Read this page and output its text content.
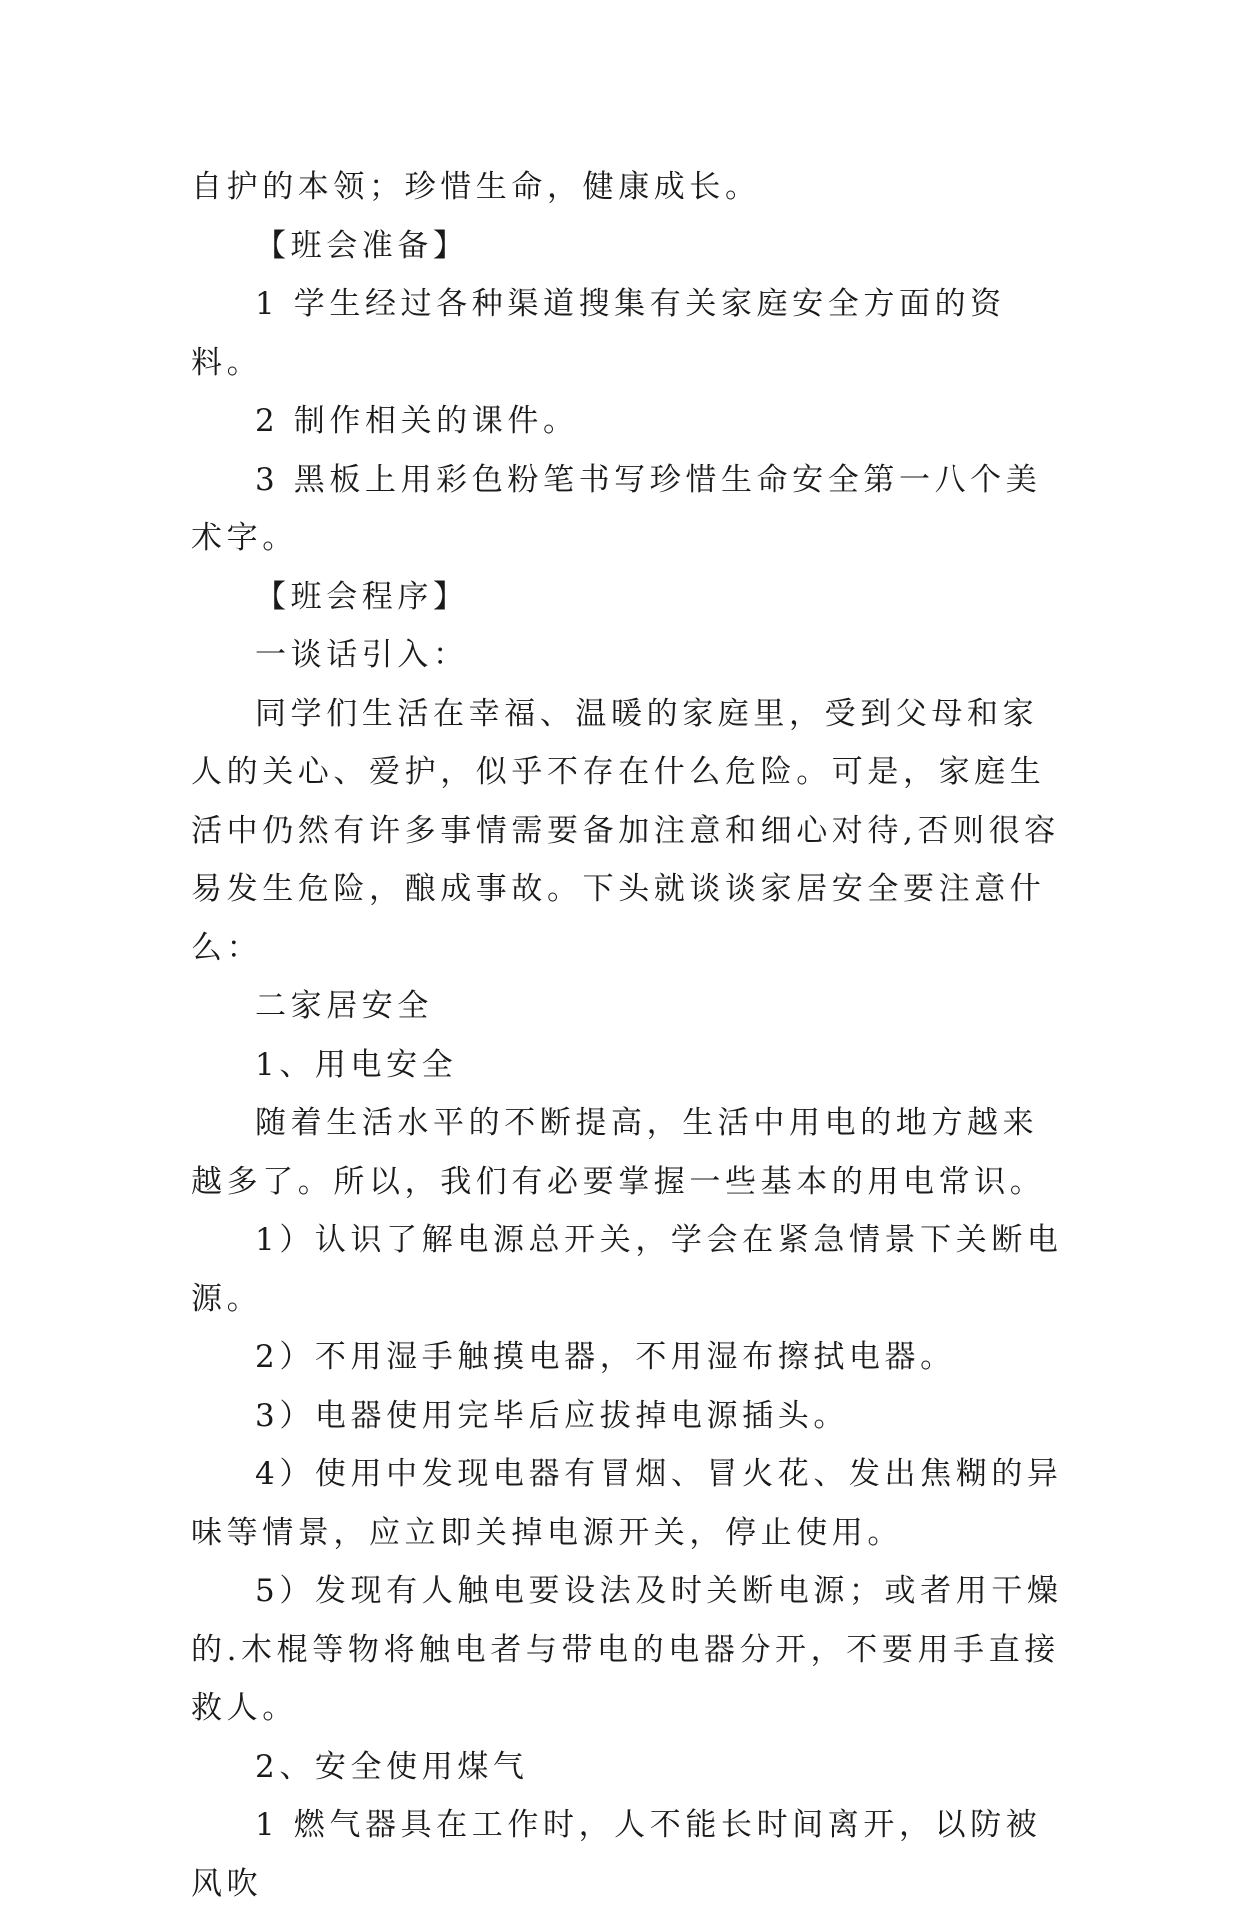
自护的本领；珍惜生命，健康成长。

【班会准备】

1 学生经过各种渠道搜集有关家庭安全方面的资料。

2 制作相关的课件。

3 黑板上用彩色粉笔书写珍惜生命安全第一八个美术字。

【班会程序】

一谈话引入：

同学们生活在幸福、温暖的家庭里，受到父母和家人的关心、爱护，似乎不存在什么危险。可是，家庭生活中仍然有许多事情需要备加注意和细心对待,否则很容易发生危险，酿成事故。下头就谈谈家居安全要注意什么：

二家居安全

1、用电安全

随着生活水平的不断提高，生活中用电的地方越来越多了。所以，我们有必要掌握一些基本的用电常识。

1）认识了解电源总开关，学会在紧急情景下关断电源。

2）不用湿手触摸电器，不用湿布擦拭电器。

3）电器使用完毕后应拔掉电源插头。

4）使用中发现电器有冒烟、冒火花、发出焦糊的异味等情景，应立即关掉电源开关，停止使用。

5）发现有人触电要设法及时关断电源；或者用干燥的.木棍等物将触电者与带电的电器分开，不要用手直接救人。

2、安全使用煤气

1 燃气器具在工作时，人不能长时间离开，以防被风吹
